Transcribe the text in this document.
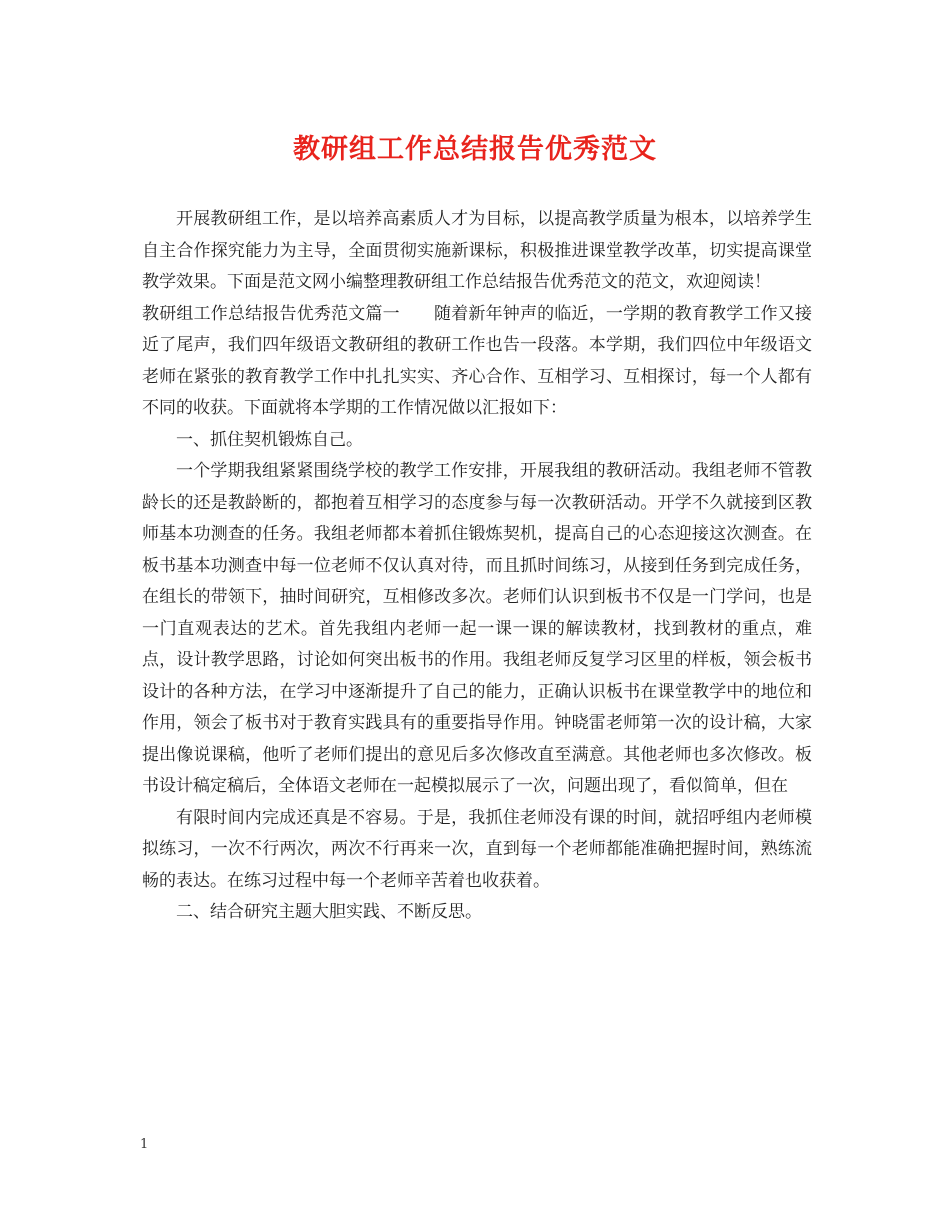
教研组工作总结报告优秀范文

开展教研组工作，是以培养高素质人才为目标，以提高教学质量为根本，以培养学生自主合作探究能力为主导，全面贯彻实施新课标，积极推进课堂教学改革，切实提高课堂教学效果。下面是范文网小编整理教研组工作总结报告优秀范文的范文，欢迎阅读！

教研组工作总结报告优秀范文篇一 随着新年钟声的临近，一学期的教育教学工作又接近了尾声，我们四年级语文教研组的教研工作也告一段落。本学期，我们四位中年级语文老师在紧张的教育教学工作中扎扎实实、齐心合作、互相学习、互相探讨，每一个人都有不同的收获。下面就将本学期的工作情况做以汇报如下：

一、抓住契机锻炼自己。

一个学期我组紧紧围绕学校的教学工作安排，开展我组的教研活动。我组老师不管教龄长的还是教龄断的，都抱着互相学习的态度参与每一次教研活动。开学不久就接到区教师基本功测查的任务。我组老师都本着抓住锻炼契机，提高自己的心态迎接这次测查。在板书基本功测查中每一位老师不仅认真对待，而且抓时间练习，从接到任务到完成任务，在组长的带领下，抽时间研究，互相修改多次。老师们认识到板书不仅是一门学问，也是一门直观表达的艺术。首先我组内老师一起一课一课的解读教材，找到教材的重点，难点，设计教学思路，讨论如何突出板书的作用。我组老师反复学习区里的样板，领会板书设计的各种方法，在学习中逐渐提升了自己的能力，正确认识板书在课堂教学中的地位和作用，领会了板书对于教育实践具有的重要指导作用。钟晓雷老师第一次的设计稿，大家提出像说课稿，他听了老师们提出的意见后多次修改直至满意。其他老师也多次修改。板书设计稿定稿后，全体语文老师在一起模拟展示了一次，问题出现了，看似简单，但在

有限时间内完成还真是不容易。于是，我抓住老师没有课的时间，就招呼组内老师模拟练习，一次不行两次，两次不行再来一次，直到每一个老师都能准确把握时间，熟练流畅的表达。在练习过程中每一个老师辛苦着也收获着。

二、结合研究主题大胆实践、不断反思。

1
